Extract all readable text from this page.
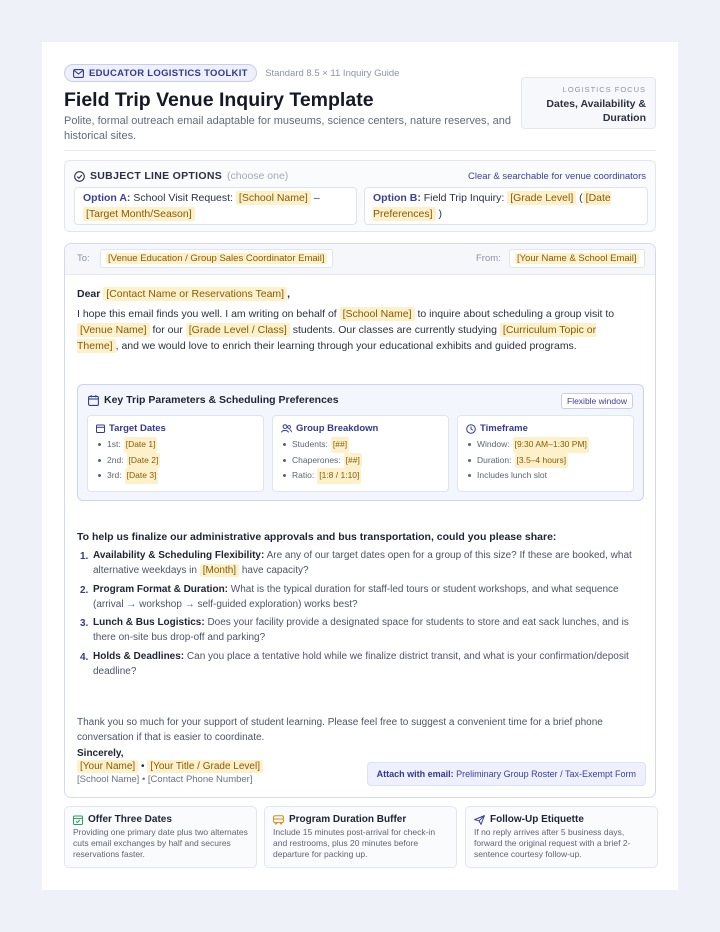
EDUCATOR LOGISTICS TOOLKIT Standard 8.5 × 11 Inquiry Guide
Field Trip Venue Inquiry Template
Polite, formal outreach email adaptable for museums, science centers, nature reserves, and historical sites.
LOGISTICS FOCUS
Dates, Availability & Duration
SUBJECT LINE OPTIONS (choose one)	Clear & searchable for venue coordinators
Option A: School Visit Request: [School Name] – [Target Month/Season]
Option B: Field Trip Inquiry: [Grade Level] ( [Date Preferences] )
To:	[Venue Education / Group Sales Coordinator Email]	From:	[Your Name & School Email]
Dear [Contact Name or Reservations Team] ,
I hope this email finds you well. I am writing on behalf of [School Name] to inquire about scheduling a group visit to [Venue Name] for our [Grade Level / Class] students. Our classes are currently studying [Curriculum Topic or Theme] , and we would love to enrich their learning through your educational exhibits and guided programs.
Key Trip Parameters & Scheduling Preferences	Flexible window
Target Dates
1st: [Date 1]
2nd: [Date 2]
3rd: [Date 3]
Group Breakdown
Students: [##]
Chaperones: [##]
Ratio: [1:8 / 1:10]
Timeframe
Window: [9:30 AM–1:30 PM]
Duration: [3.5–4 hours]
Includes lunch slot
To help us finalize our administrative approvals and bus transportation, could you please share:
1. Availability & Scheduling Flexibility: Are any of our target dates open for a group of this size? If these are booked, what alternative weekdays in [Month] have capacity?
2. Program Format & Duration: What is the typical duration for staff-led tours or student workshops, and what sequence (arrival → workshop → self-guided exploration) works best?
3. Lunch & Bus Logistics: Does your facility provide a designated space for students to store and eat sack lunches, and is there on-site bus drop-off and parking?
4. Holds & Deadlines: Can you place a tentative hold while we finalize district transit, and what is your confirmation/deposit deadline?
Thank you so much for your support of student learning. Please feel free to suggest a convenient time for a brief phone conversation if that is easier to coordinate.
Sincerely,
[Your Name] • [Your Title / Grade Level]
[School Name] • [Contact Phone Number]	Attach with email: Preliminary Group Roster / Tax-Exempt Form
Offer Three Dates
Providing one primary date plus two alternates cuts email exchanges by half and secures reservations faster.
Program Duration Buffer
Include 15 minutes post-arrival for check-in and restrooms, plus 20 minutes before departure for packing up.
Follow-Up Etiquette
If no reply arrives after 5 business days, forward the original request with a brief 2-sentence courtesy follow-up.
